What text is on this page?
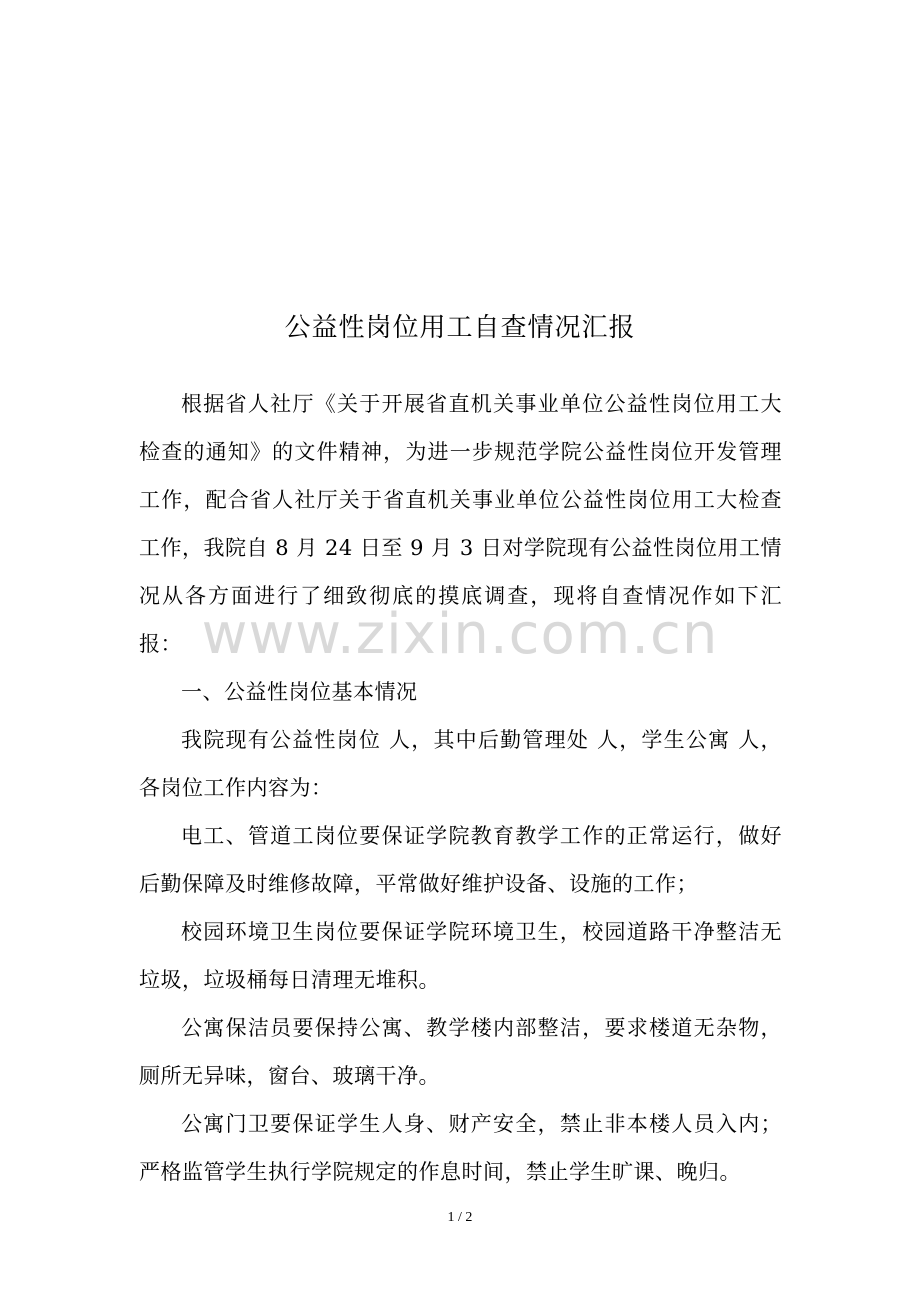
公益性岗位用工自查情况汇报

根据省人社厅《关于开展省直机关事业单位公益性岗位用工大检查的通知》的文件精神，为进一步规范学院公益性岗位开发管理工作，配合省人社厅关于省直机关事业单位公益性岗位用工大检查工作，我院自 8 月 24 日至 9 月 3 日对学院现有公益性岗位用工情况从各方面进行了细致彻底的摸底调查，现将自查情况作如下汇报：

一、公益性岗位基本情况

我院现有公益性岗位 人，其中后勤管理处 人，学生公寓 人，各岗位工作内容为：

电工、管道工岗位要保证学院教育教学工作的正常运行，做好后勤保障及时维修故障，平常做好维护设备、设施的工作；

校园环境卫生岗位要保证学院环境卫生，校园道路干净整洁无垃圾，垃圾桶每日清理无堆积。

公寓保洁员要保持公寓、教学楼内部整洁，要求楼道无杂物，厕所无异味，窗台、玻璃干净。

公寓门卫要保证学生人身、财产安全，禁止非本楼人员入内；严格监管学生执行学院规定的作息时间，禁止学生旷课、晚归。

www.zixin.com.cn
1 / 2
